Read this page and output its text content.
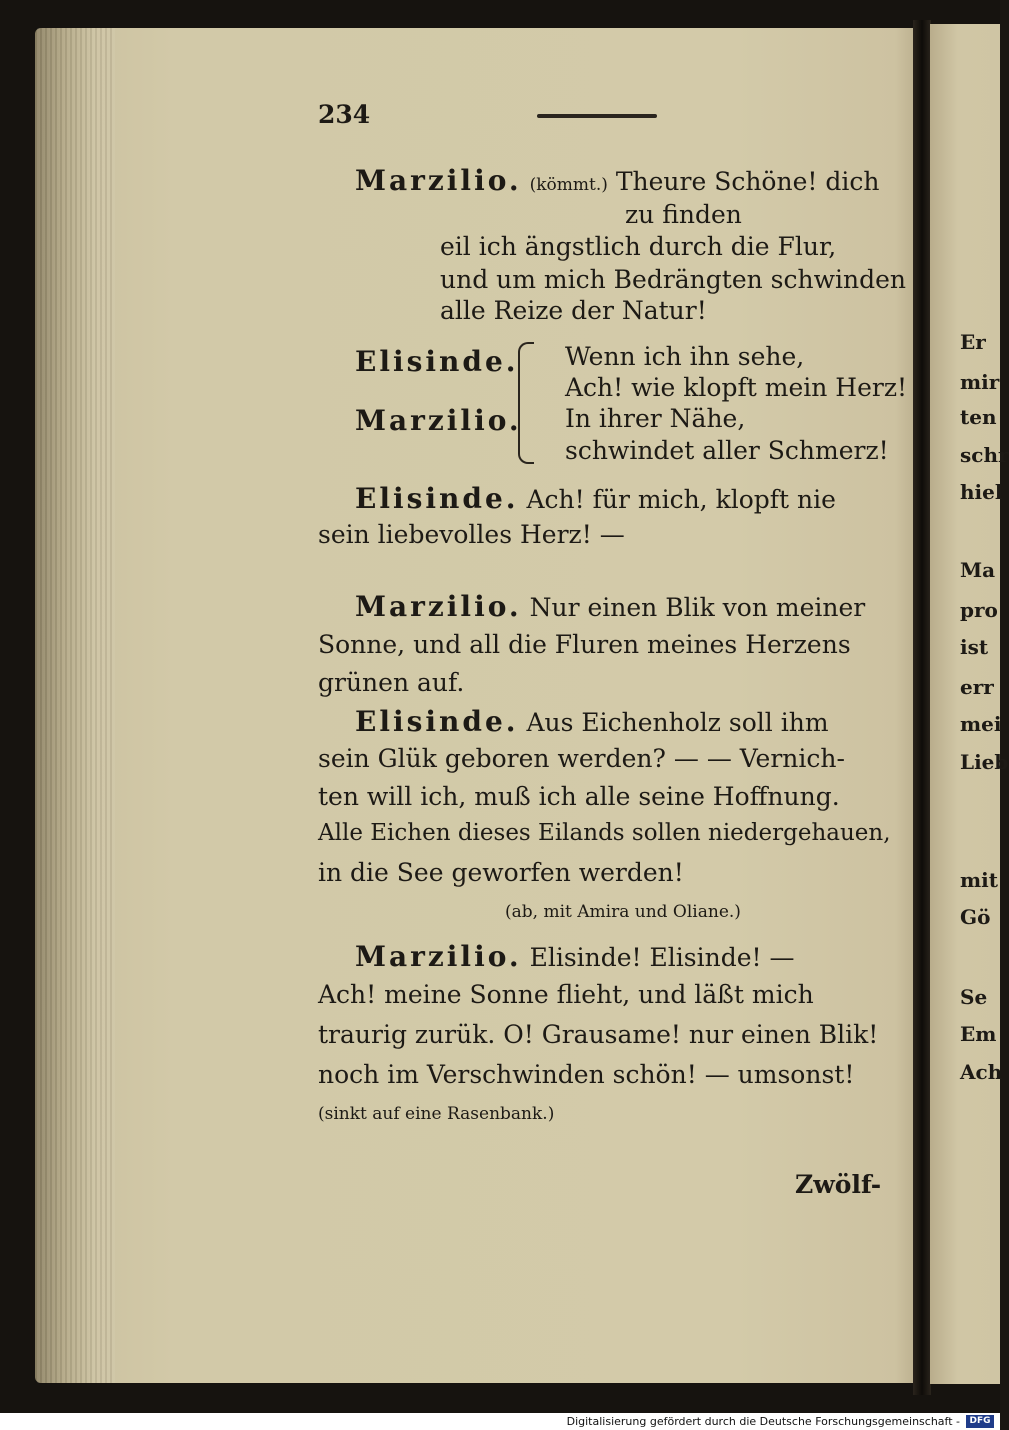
234
Marzilio. (kömmt.) Theure Schöne! dich
zu finden
eil ich ängstlich durch die Flur,
und um mich Bedrängten schwinden
alle Reize der Natur!
Elisinde.
Marzilio.
Wenn ich ihn sehe,
Ach! wie klopft mein Herz!
In ihrer Nähe,
schwindet aller Schmerz!
Elisinde. Ach! für mich, klopft nie
sein liebevolles Herz! —
Marzilio. Nur einen Blik von meiner
Sonne, und all die Fluren meines Herzens
grünen auf.
Elisinde. Aus Eichenholz soll ihm
sein Glük geboren werden? — — Vernich-
ten will ich, muß ich alle seine Hoffnung.
Alle Eichen dieses Eilands sollen niedergehauen,
in die See geworfen werden!
(ab, mit Amira und Oliane.)
Marzilio. Elisinde! Elisinde! —
Ach! meine Sonne flieht, und läßt mich
traurig zurük. O! Grausame! nur einen Blik!
noch im Verschwinden schön! — umsonst!
(sinkt auf eine Rasenbank.)
Zwölf-
Er
mir
ten
schr
hiel
Ma
pro
ist
err
mei
Lieb
mit
Gö
Se
Em
Ach
Digitalisierung gefördert durch die Deutsche Forschungsgemeinschaft -	DFG
